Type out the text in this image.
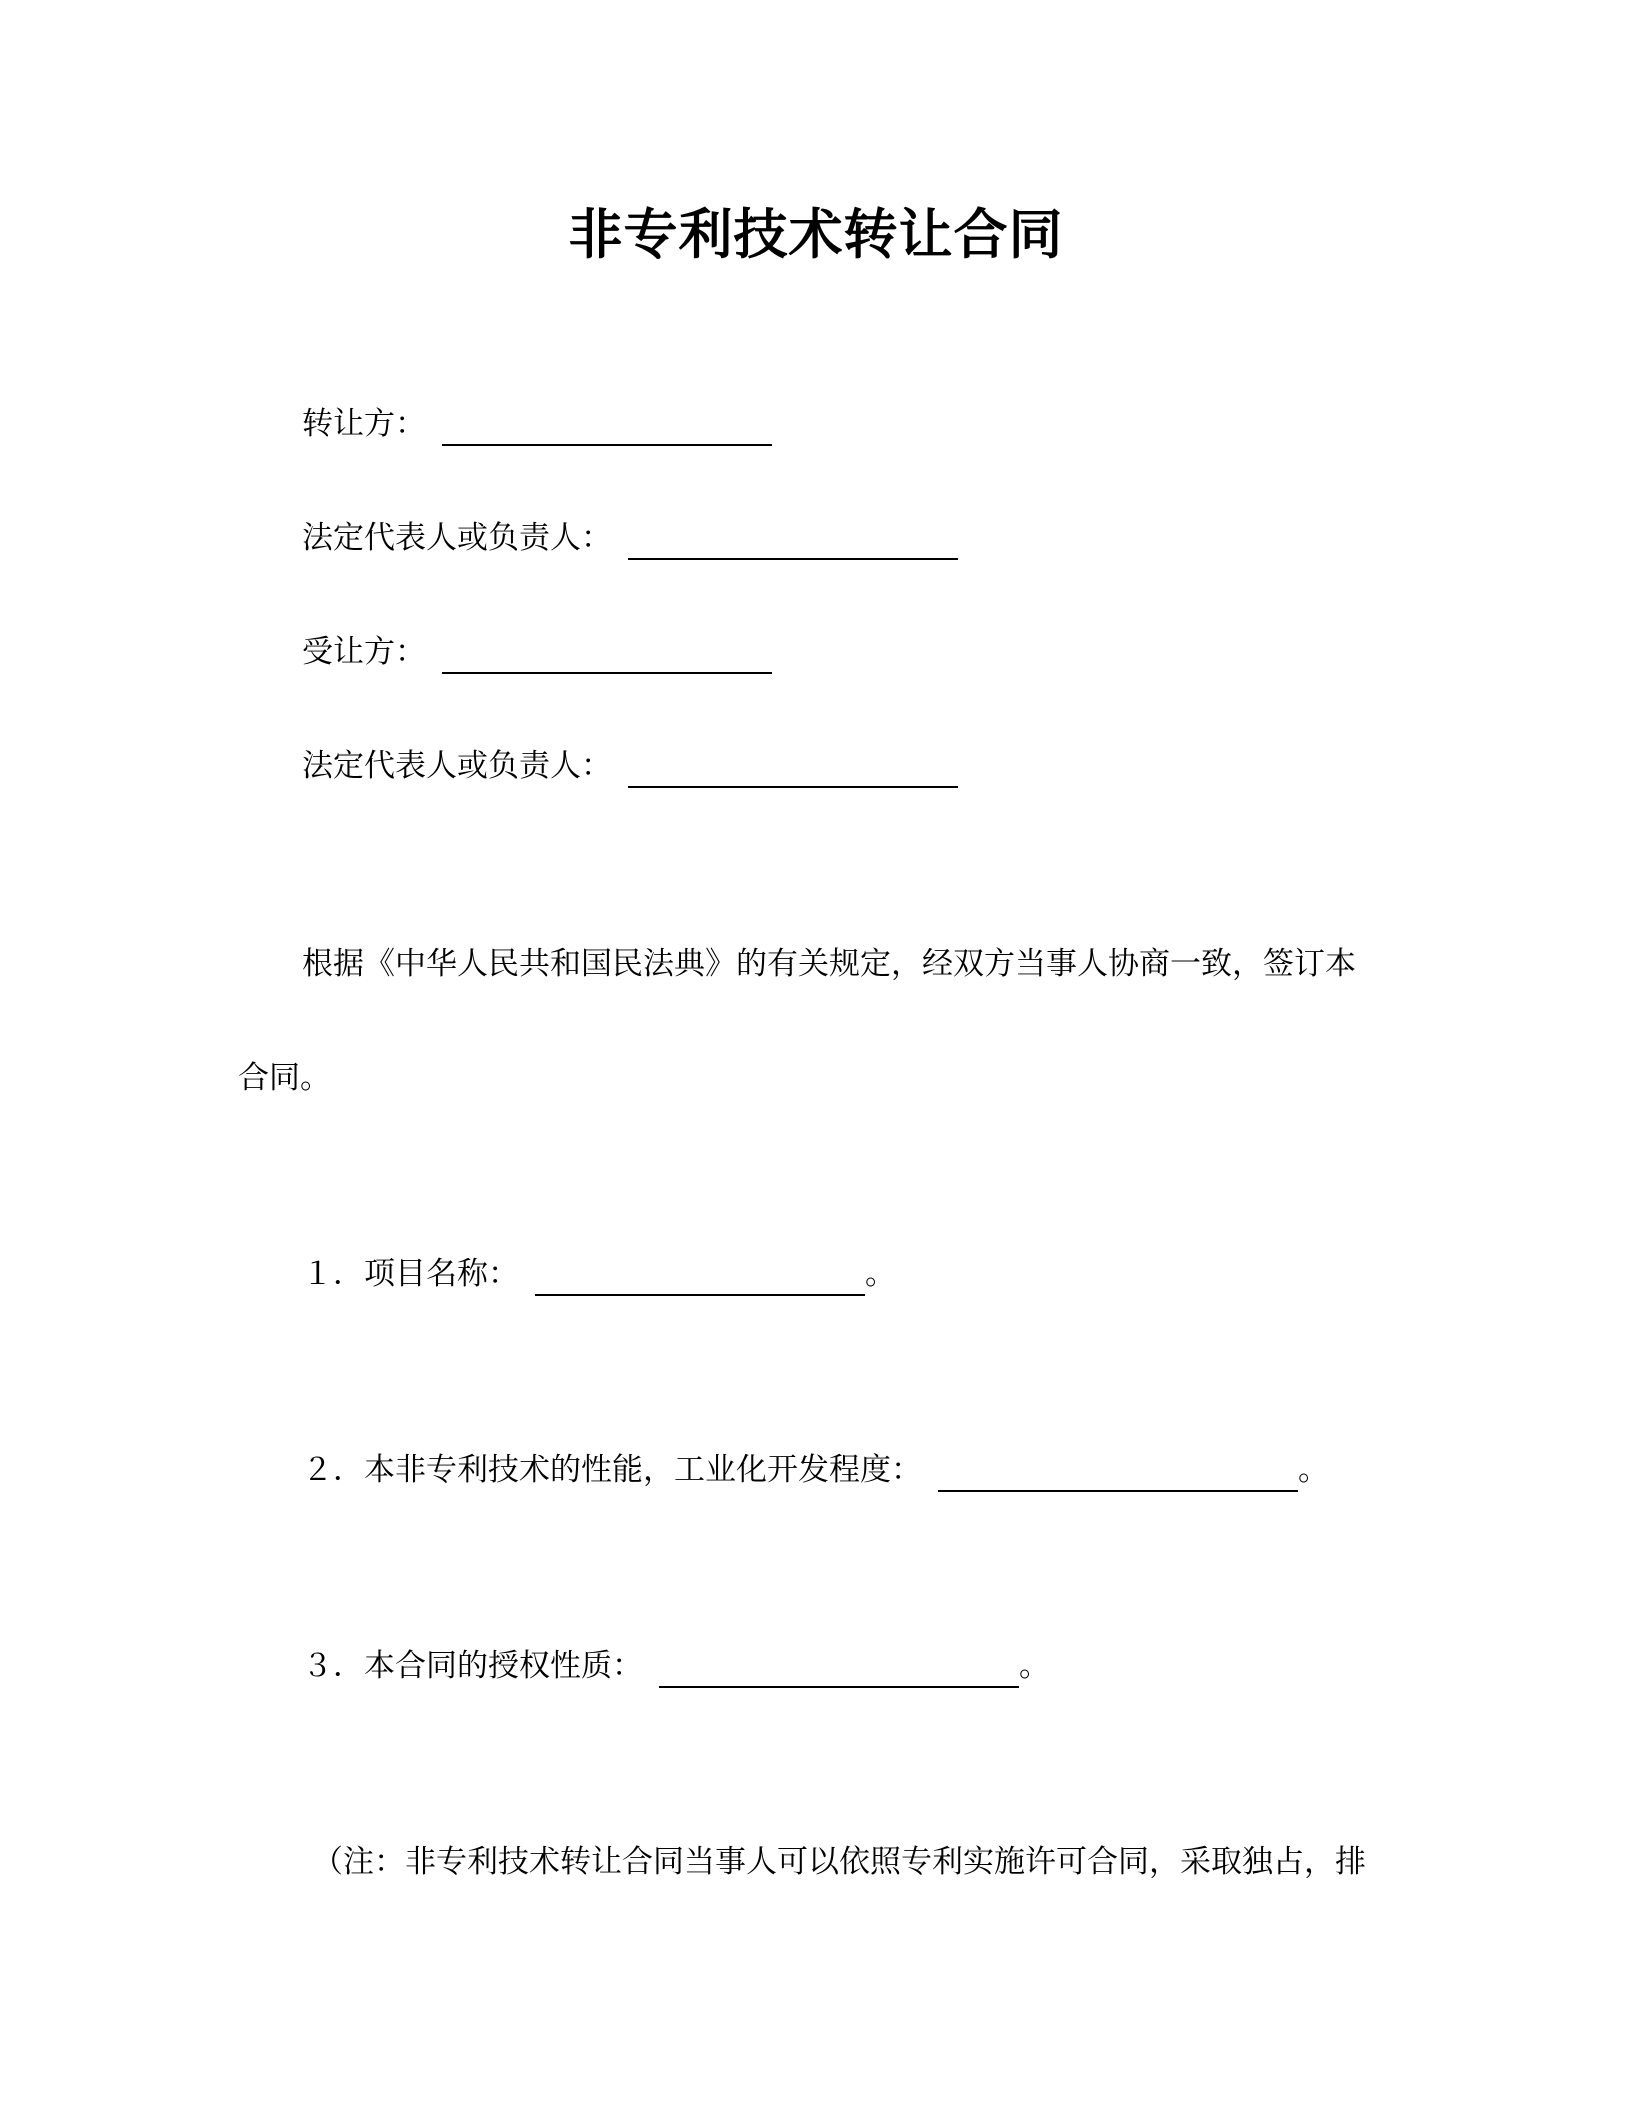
非专利技术转让合同
转让方：
法定代表人或负责人：
受让方：
法定代表人或负责人：
根据《中华人民共和国民法典》的有关规定，经双方当事人协商一致，签订本
合同。
１．项目名称：	。
２．本非专利技术的性能，工业化开发程度：	。
３．本合同的授权性质：	。
（注：非专利技术转让合同当事人可以依照专利实施许可合同，采取独占，排
